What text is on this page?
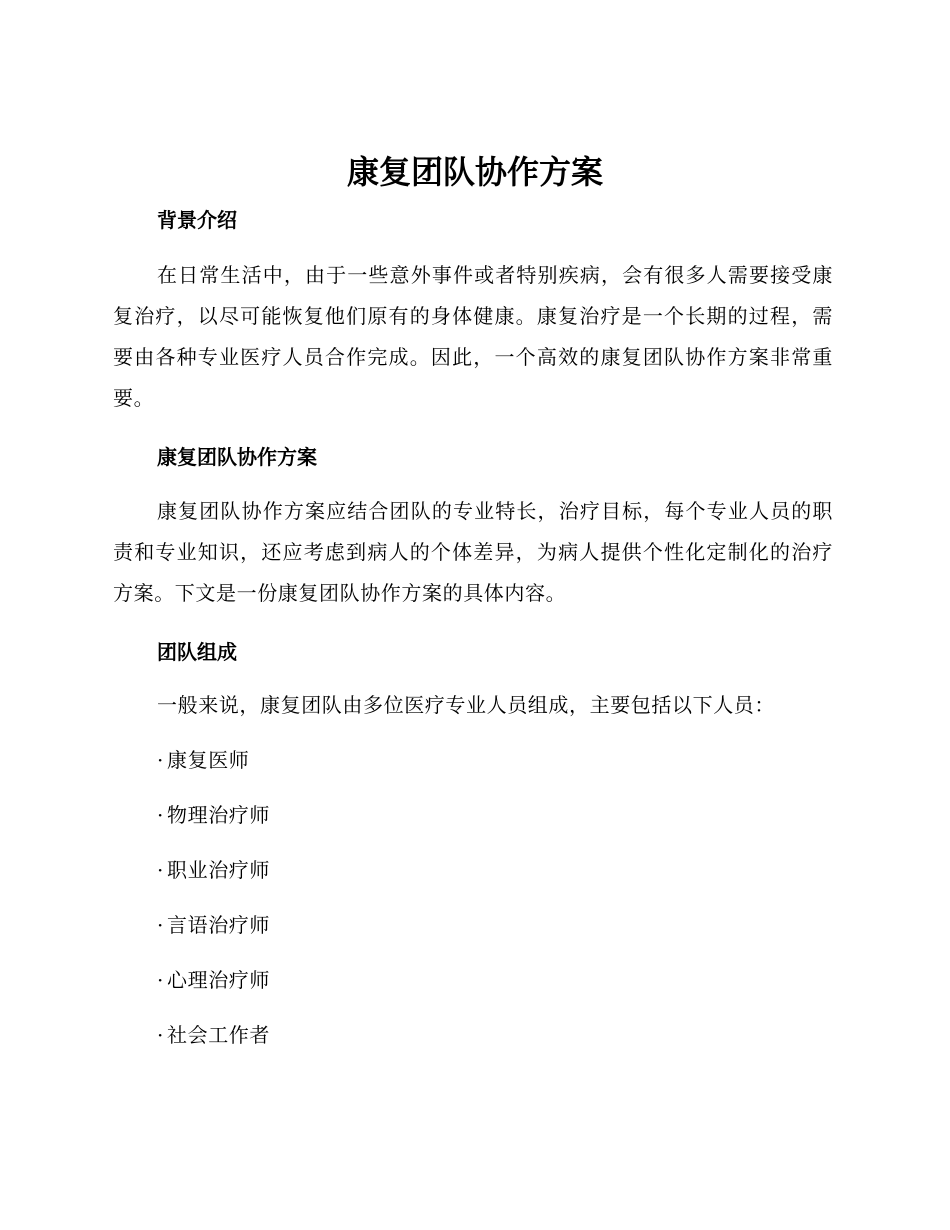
康复团队协作方案
背景介绍
在日常生活中，由于一些意外事件或者特别疾病，会有很多人需要接受康复治疗，以尽可能恢复他们原有的身体健康。康复治疗是一个长期的过程，需要由各种专业医疗人员合作完成。因此，一个高效的康复团队协作方案非常重要。
康复团队协作方案
康复团队协作方案应结合团队的专业特长，治疗目标，每个专业人员的职责和专业知识，还应考虑到病人的个体差异，为病人提供个性化定制化的治疗方案。下文是一份康复团队协作方案的具体内容。
团队组成
一般来说，康复团队由多位医疗专业人员组成，主要包括以下人员：
· 康复医师
· 物理治疗师
· 职业治疗师
· 言语治疗师
· 心理治疗师
· 社会工作者
